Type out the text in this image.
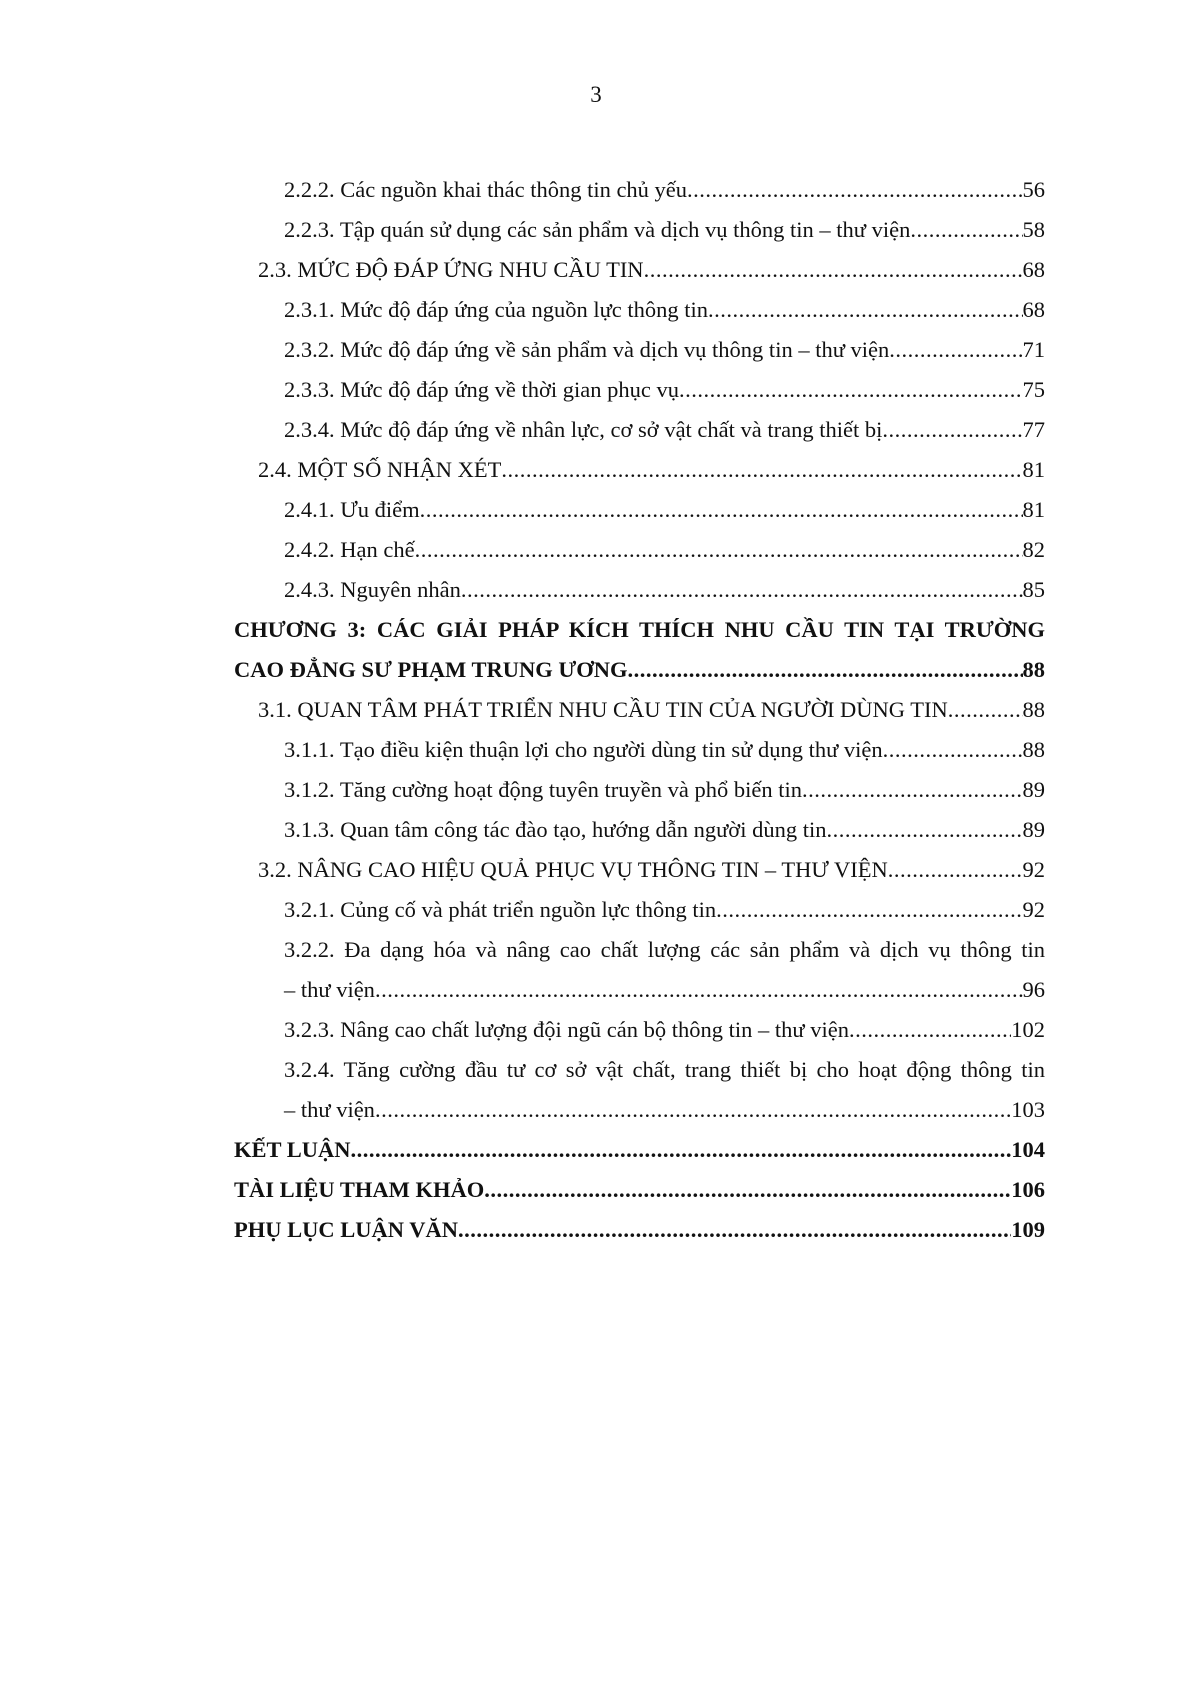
3
2.2.2. Các nguồn khai thác thông tin chủ yếu .....	56
2.2.3. Tập quán sử dụng các sản phẩm và dịch vụ thông tin – thư viện .....	58
2.3. MỨC ĐỘ ĐÁP ỨNG NHU CẦU TIN .....	68
2.3.1. Mức độ đáp ứng của nguồn lực thông tin .....	68
2.3.2. Mức độ đáp ứng về sản phẩm và dịch vụ thông tin – thư viện .....	71
2.3.3. Mức độ đáp ứng về thời gian phục vụ .....	75
2.3.4. Mức độ đáp ứng về nhân lực, cơ sở vật chất và trang thiết bị .....	77
2.4. MỘT SỐ NHẬN XÉT .....	81
2.4.1. Ưu điểm .....	81
2.4.2. Hạn chế .....	82
2.4.3. Nguyên nhân .....	85
CHƯƠNG 3: CÁC GIẢI PHÁP KÍCH THÍCH NHU CẦU TIN TẠI TRƯỜNG
CAO ĐẲNG SƯ PHẠM TRUNG ƯƠNG .....	88
3.1. QUAN TÂM PHÁT TRIỂN NHU CẦU TIN CỦA NGƯỜI DÙNG TIN .....	88
3.1.1. Tạo điều kiện thuận lợi cho người dùng tin sử dụng thư viện .....	88
3.1.2. Tăng cường hoạt động tuyên truyền và phổ biến tin .....	89
3.1.3. Quan tâm công tác đào tạo, hướng dẫn người dùng tin .....	89
3.2. NÂNG CAO HIỆU QUẢ PHỤC VỤ THÔNG TIN – THƯ VIỆN .....	92
3.2.1. Củng cố và phát triển nguồn lực thông tin .....	92
3.2.2. Đa dạng hóa và nâng cao chất lượng các sản phẩm và dịch vụ thông tin
– thư viện .....	96
3.2.3. Nâng cao chất lượng đội ngũ cán bộ thông tin – thư viện .....	102
3.2.4. Tăng cường đầu tư cơ sở vật chất, trang thiết bị cho hoạt động thông tin
– thư viện .....	103
KẾT LUẬN .....	104
TÀI LIỆU THAM KHẢO .....	106
PHỤ LỤC LUẬN VĂN .....	109
